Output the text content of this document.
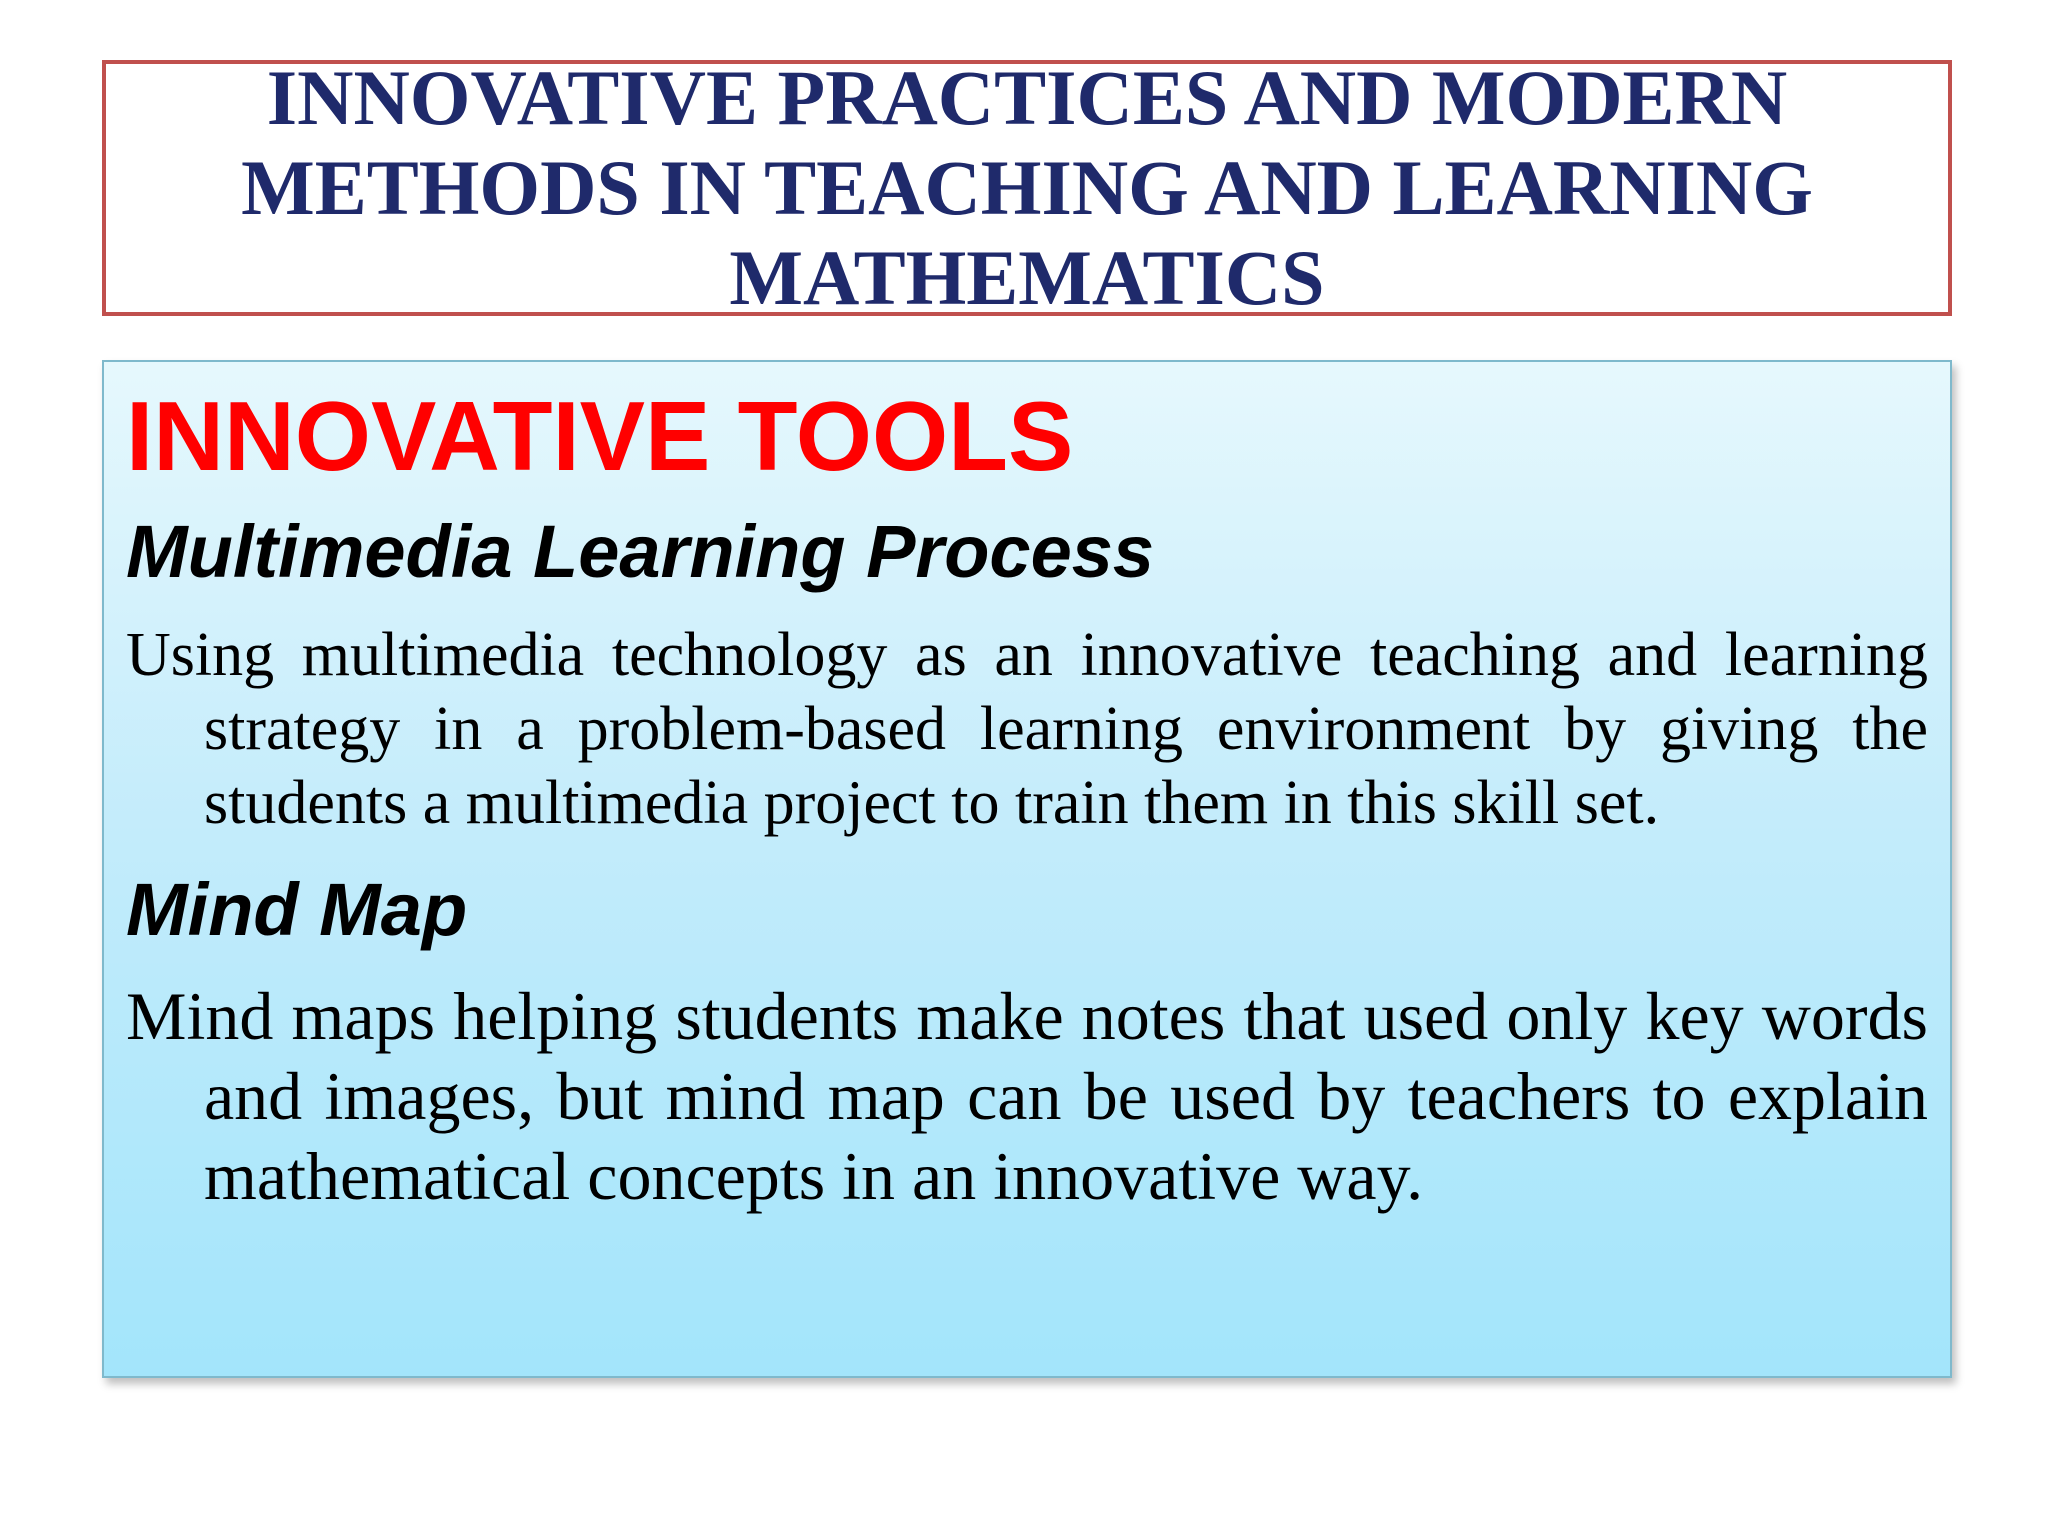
INNOVATIVE PRACTICES AND MODERN METHODS IN TEACHING AND LEARNING MATHEMATICS
INNOVATIVE TOOLS
Multimedia Learning Process

Using multimedia technology as an innovative teaching and learning strategy in a problem-based learning environment by giving the students a multimedia project to train them in this skill set.

Mind Map

Mind maps helping students make notes that used only key words and images, but mind map can be used by teachers to explain mathematical concepts in an innovative way.
